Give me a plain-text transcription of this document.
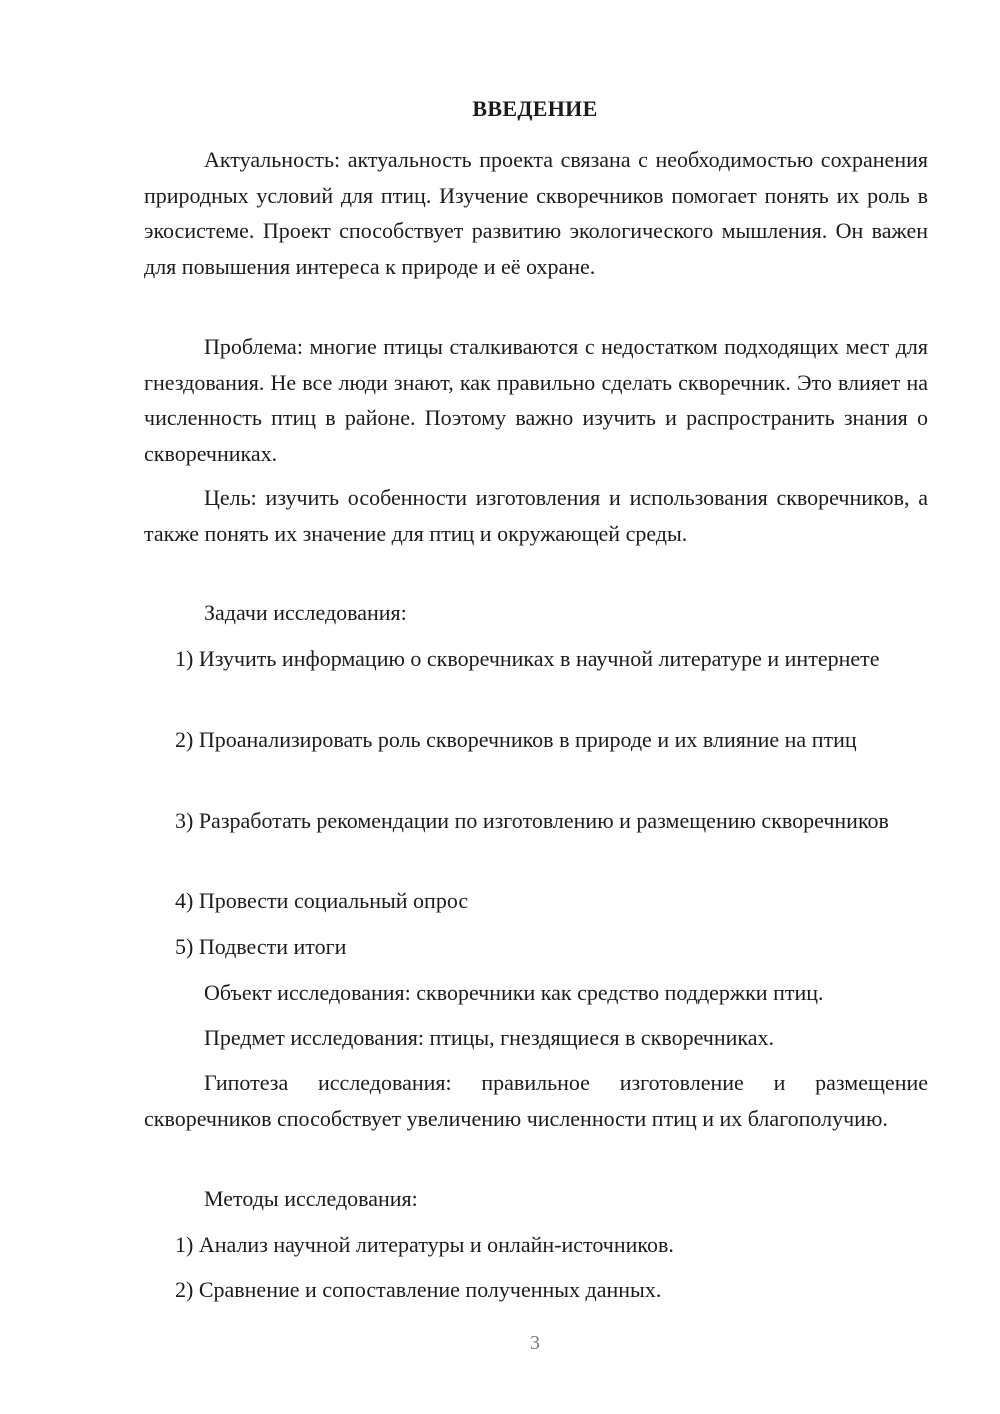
ВВЕДЕНИЕ

Актуальность: актуальность проекта связана с необходимостью сохранения природных условий для птиц. Изучение скворечников помогает понять их роль в экосистеме. Проект способствует развитию экологического мышления. Он важен для повышения интереса к природе и её охране.

Проблема: многие птицы сталкиваются с недостатком подходящих мест для гнездования. Не все люди знают, как правильно сделать скворечник. Это влияет на численность птиц в районе. Поэтому важно изучить и распространить знания о скворечниках.

Цель: изучить особенности изготовления и использования скворечников, а также понять их значение для птиц и окружающей среды.

Задачи исследования:

1) Изучить информацию о скворечниках в научной литературе и интернете

2) Проанализировать роль скворечников в природе и их влияние на птиц

3) Разработать рекомендации по изготовлению и размещению скворечников

4) Провести социальный опрос

5) Подвести итоги

Объект исследования: скворечники как средство поддержки птиц.

Предмет исследования: птицы, гнездящиеся в скворечниках.

Гипотеза исследования: правильное изготовление и размещение скворечников способствует увеличению численности птиц и их благополучию.

Методы исследования:

1) Анализ научной литературы и онлайн-источников.

2) Сравнение и сопоставление полученных данных.

3
